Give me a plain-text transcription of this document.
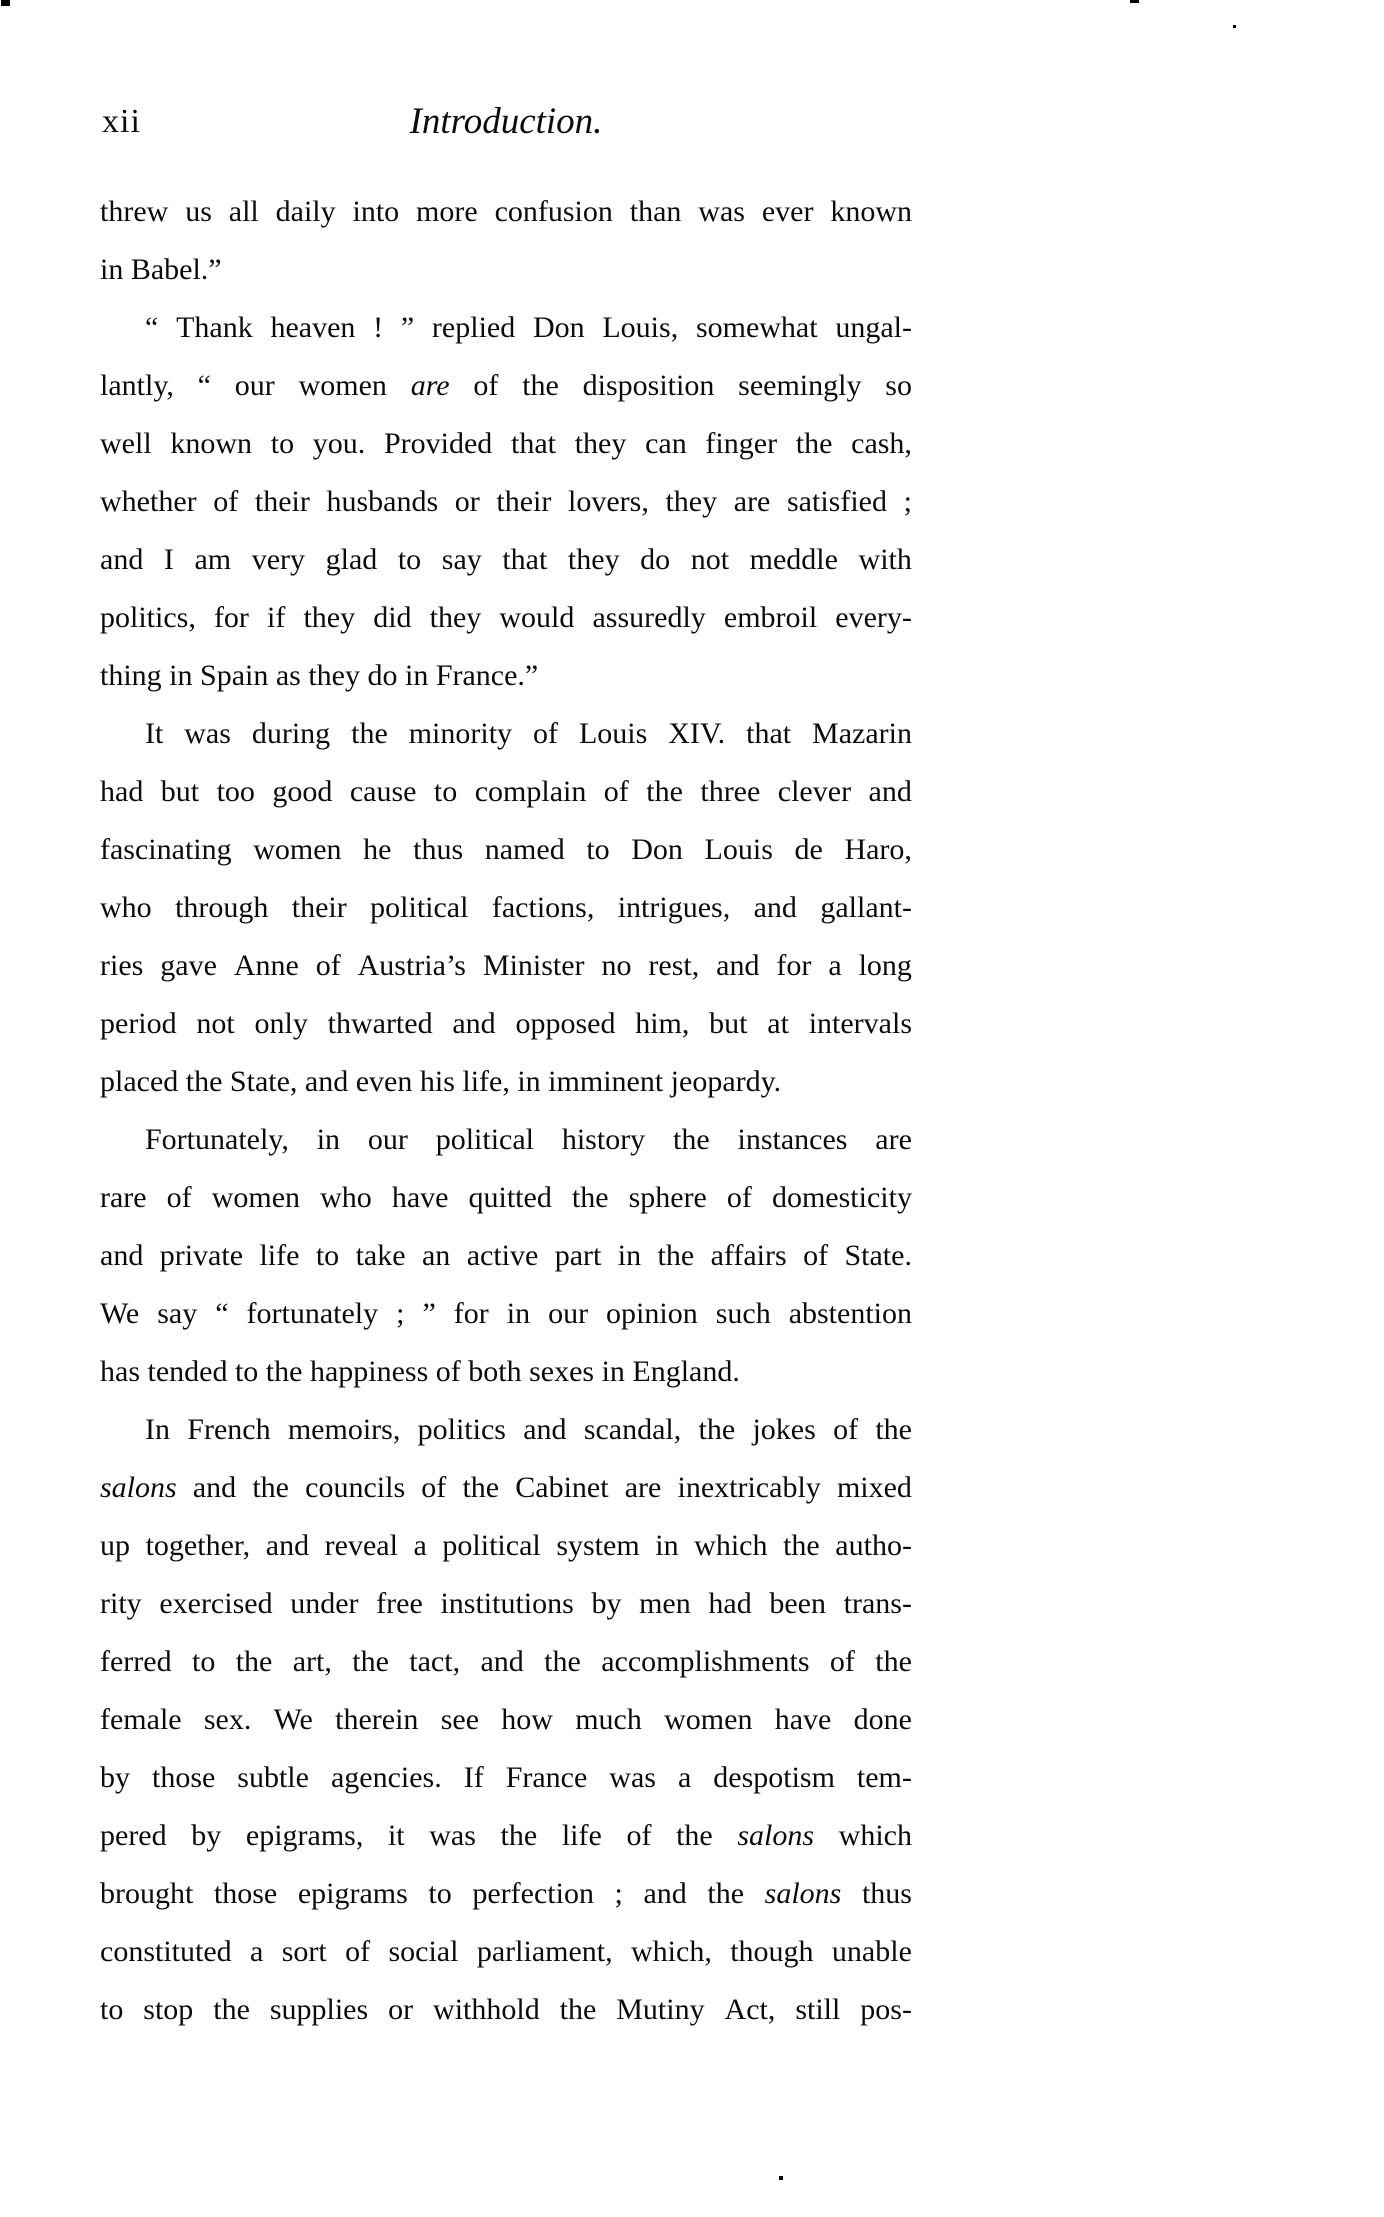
xii	Introduction.
threw us all daily into more confusion than was ever known
in Babel.”
“ Thank heaven ! ” replied Don Louis, somewhat ungal-
lantly, “ our women are of the disposition seemingly so
well known to you. Provided that they can finger the cash,
whether of their husbands or their lovers, they are satisfied ;
and I am very glad to say that they do not meddle with
politics, for if they did they would assuredly embroil every-
thing in Spain as they do in France.”
It was during the minority of Louis XIV. that Mazarin
had but too good cause to complain of the three clever and
fascinating women he thus named to Don Louis de Haro,
who through their political factions, intrigues, and gallant-
ries gave Anne of Austria’s Minister no rest, and for a long
period not only thwarted and opposed him, but at intervals
placed the State, and even his life, in imminent jeopardy.
Fortunately, in our political history the instances are
rare of women who have quitted the sphere of domesticity
and private life to take an active part in the affairs of State.
We say “ fortunately ; ” for in our opinion such abstention
has tended to the happiness of both sexes in England.
In French memoirs, politics and scandal, the jokes of the
salons and the councils of the Cabinet are inextricably mixed
up together, and reveal a political system in which the autho-
rity exercised under free institutions by men had been trans-
ferred to the art, the tact, and the accomplishments of the
female sex. We therein see how much women have done
by those subtle agencies. If France was a despotism tem-
pered by epigrams, it was the life of the salons which
brought those epigrams to perfection ; and the salons thus
constituted a sort of social parliament, which, though unable
to stop the supplies or withhold the Mutiny Act, still pos-
